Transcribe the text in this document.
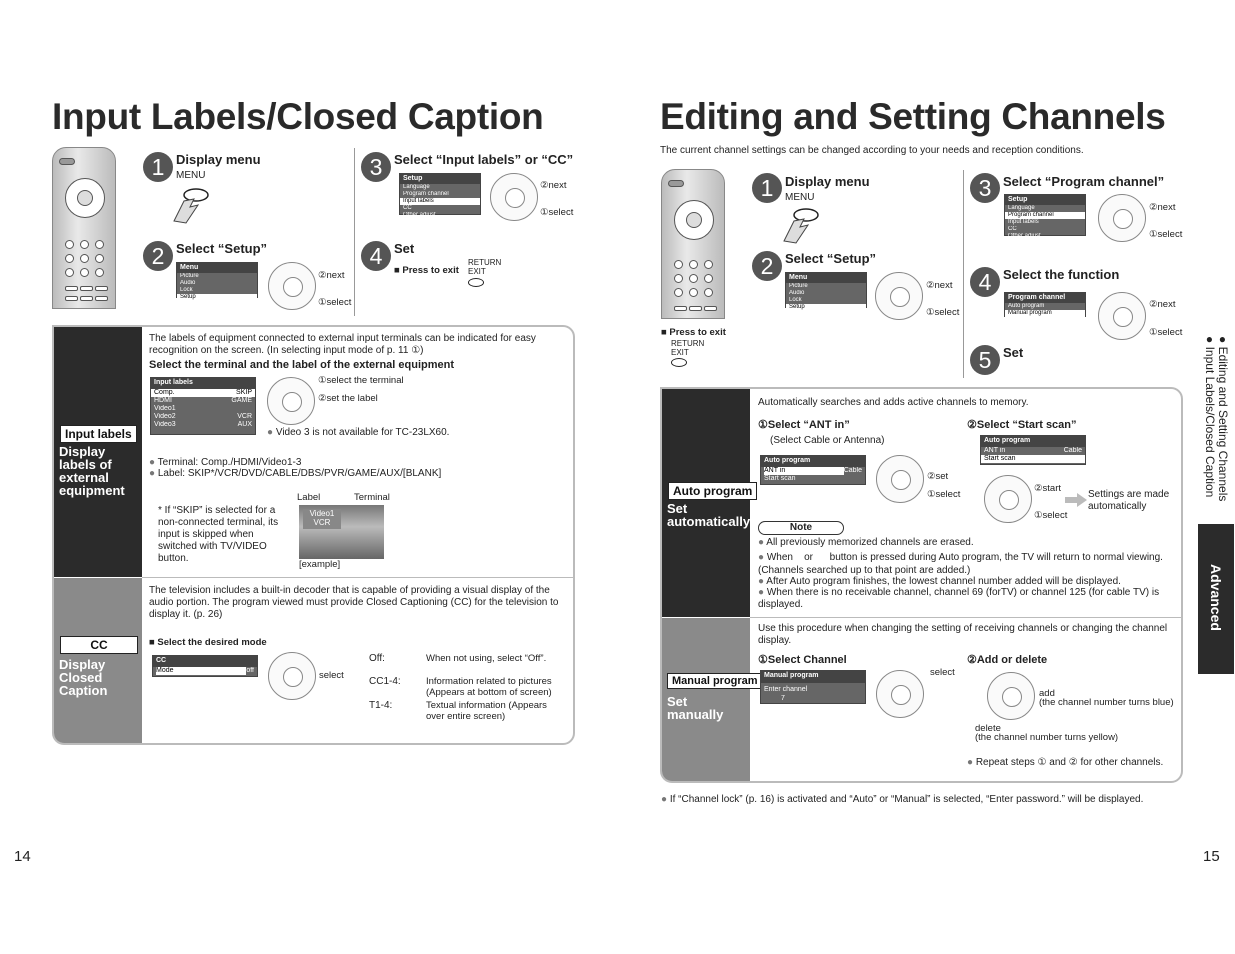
Input Labels/Closed Caption
1 Display menu
MENU
2 Select “Setup”
Menu
Picture
Audio
Lock
Setup
②next
①select
3 Select “Input labels” or “CC”
Setup
Language
Program channel
Input labels
CC
Other adjust
②next
①select
4 Set
■ Press to exit
RETURN
EXIT
Input labels
Display labels of external equipment
CC
Display Closed Caption
The labels of equipment connected to external input terminals can be indicated for easy recognition on the screen. (In selecting input mode of p. 11 ①)
Select the terminal and the label of the external equipment
Input labels
Comp.	SKIP
HDMI	GAME
Video1
Video2	VCR
Video3	AUX
①select the terminal
②set the label
● Video 3 is not available for TC-23LX60.
● Terminal: Comp./HDMI/Video1-3
● Label: SKIP*/VCR/DVD/CABLE/DBS/PVR/GAME/AUX/[BLANK]
* If “SKIP” is selected for a non-connected terminal, its input is skipped when switched with TV/VIDEO button.
Label	Terminal
Video1
VCR
[example]
The television includes a built-in decoder that is capable of providing a visual display of the audio portion. The program viewed must provide Closed Captioning (CC) for the television to display it. (p. 26)
■ Select the desired mode
CC
Mode	off	select
Off:	When not using, select “Off”.
CC1-4:	Information related to pictures (Appears at bottom of screen)
T1-4:	Textual information (Appears over entire screen)
14
Editing and Setting Channels
The current channel settings can be changed according to your needs and reception conditions.
■ Press to exit
RETURN
EXIT
1 Display menu
MENU
2 Select “Setup”
Menu
Picture
Audio
Lock
Setup
②next
①select
3 Select “Program channel”
Setup
Language
Program channel
Input labels
CC
Other adjust
②next
①select
4 Select the function
Program channel
Auto program
Manual program
②next
①select
5 Set
Auto program
Set automatically
Manual program
Set manually
Automatically searches and adds active channels to memory.
①Select “ANT in”
(Select Cable or Antenna)
②Select “Start scan”
Auto program
ANT in	Cable
Start scan	②set
①select
Auto program
ANT in	Cable
Start scan
②start
①select
Settings are made automatically
Note
● All previously memorized channels are erased.
● When    or      button is pressed during Auto program, the TV will return to normal viewing. (Channels searched up to that point are added.)
● After Auto program finishes, the lowest channel number added will be displayed.
● When there is no receivable channel, channel 69 (forTV) or channel 125 (for cable TV) is displayed.
Use this procedure when changing the setting of receiving channels or changing the channel display.
①Select Channel	②Add or delete
Manual program
Enter channel
7
select
add
(the channel number turns blue)
delete
(the channel number turns yellow)
● Repeat steps ① and ② for other channels.
● If “Channel lock” (p. 16) is activated and “Auto” or “Manual” is selected, “Enter password.” will be displayed.
● Editing and Setting Channels
● Input Labels/Closed Caption
Advanced
15
